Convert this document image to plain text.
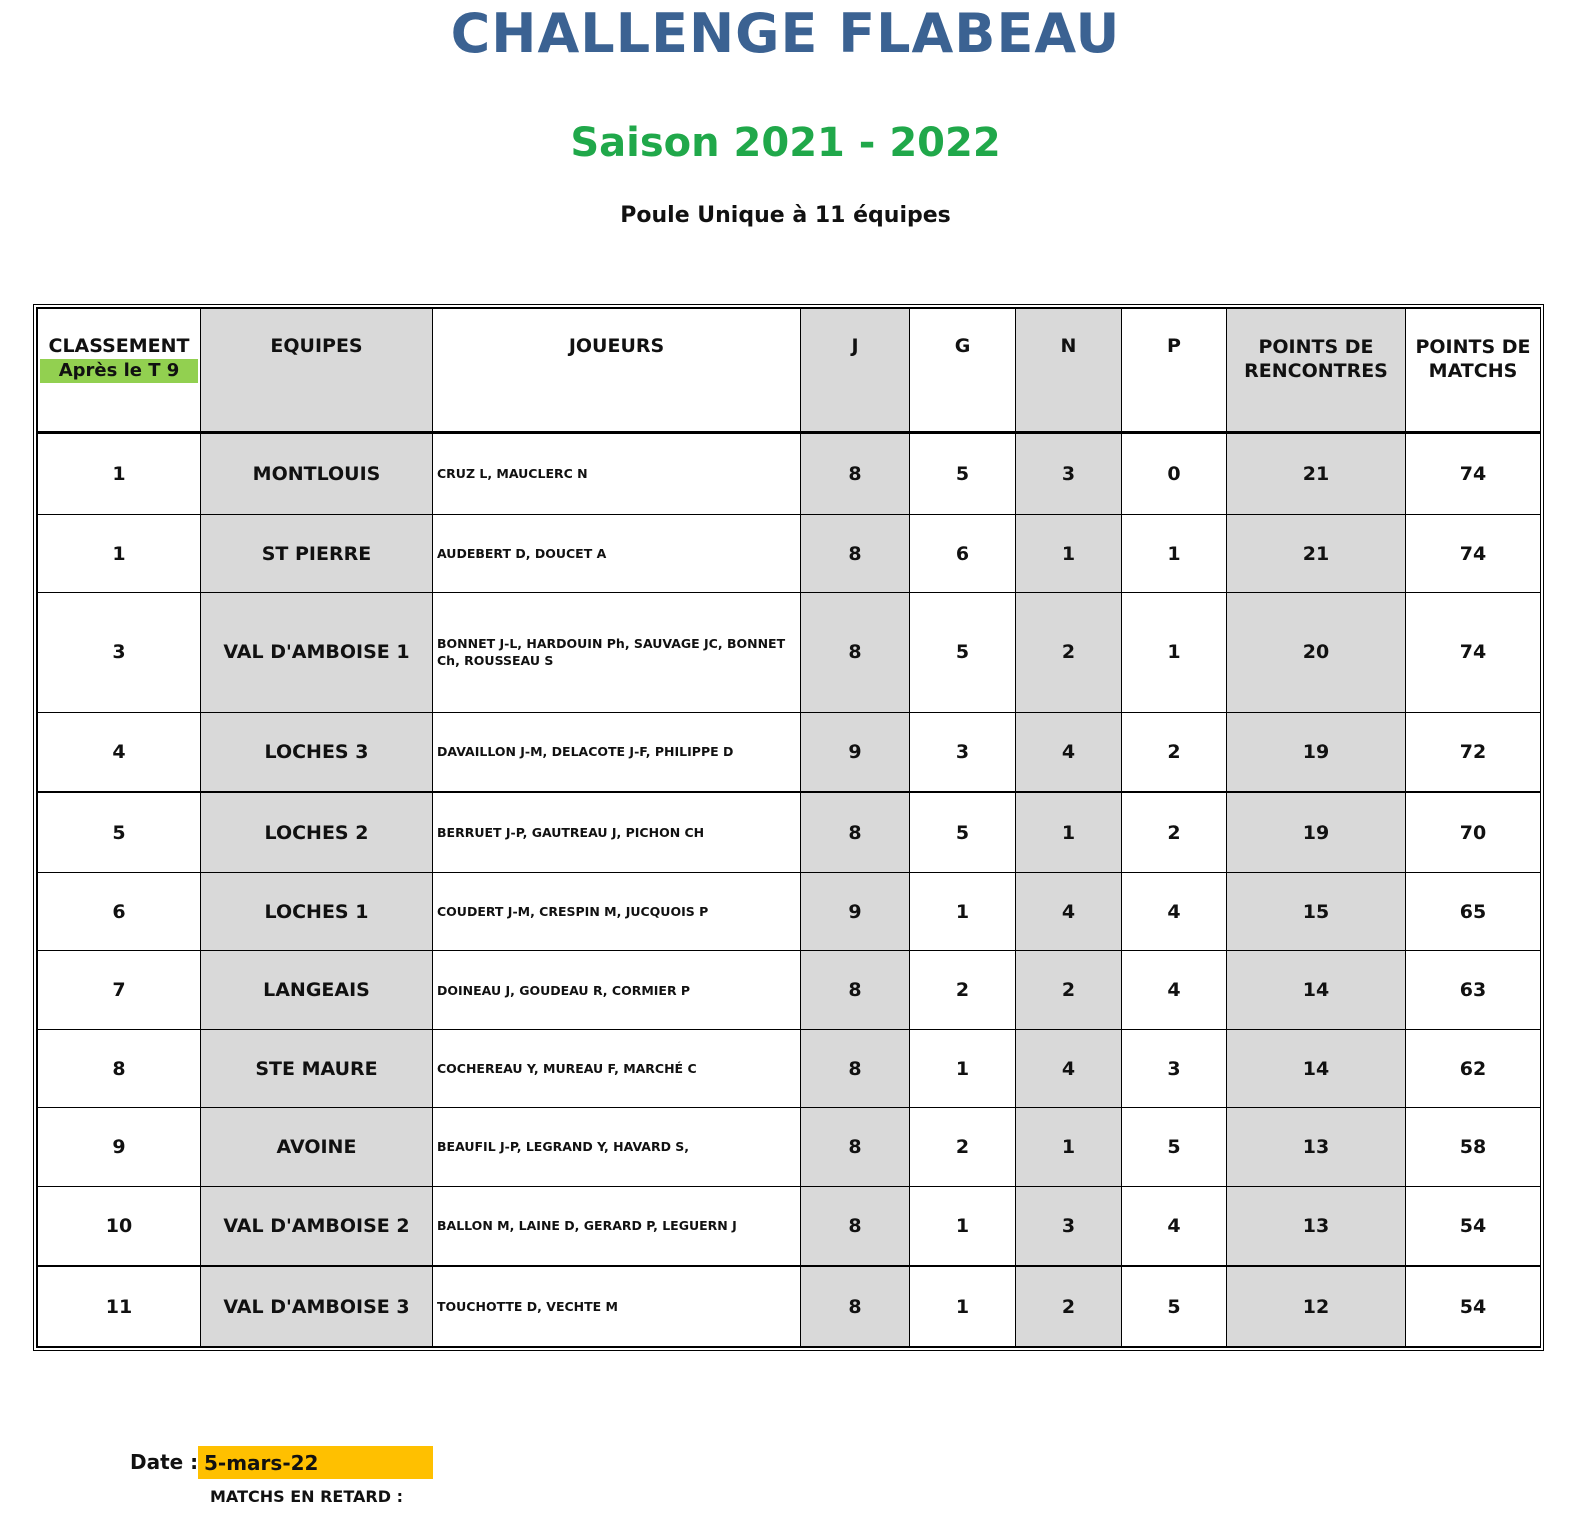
CHALLENGE FLABEAU
Saison 2021 - 2022
Poule Unique à 11 équipes
CLASSEMENT
Après le T 9	EQUIPES	JOUEURS	J	G	N	P	POINTS DE RENCONTRES	POINTS DE MATCHS
1	MONTLOUIS	CRUZ L, MAUCLERC N	8	5	3	0	21	74
1	ST PIERRE	AUDEBERT D, DOUCET A	8	6	1	1	21	74
3	VAL D'AMBOISE 1	BONNET J-L, HARDOUIN Ph, SAUVAGE JC, BONNET Ch, ROUSSEAU S	8	5	2	1	20	74
4	LOCHES 3	DAVAILLON J-M, DELACOTE J-F, PHILIPPE D	9	3	4	2	19	72
5	LOCHES 2	BERRUET J-P, GAUTREAU J, PICHON CH	8	5	1	2	19	70
6	LOCHES 1	COUDERT J-M, CRESPIN M, JUCQUOIS P	9	1	4	4	15	65
7	LANGEAIS	DOINEAU J, GOUDEAU R, CORMIER P	8	2	2	4	14	63
8	STE MAURE	COCHEREAU Y, MUREAU F, MARCHÉ C	8	1	4	3	14	62
9	AVOINE	BEAUFIL J-P, LEGRAND Y, HAVARD S,	8	2	1	5	13	58
10	VAL D'AMBOISE 2	BALLON M, LAINE D, GERARD P, LEGUERN J	8	1	3	4	13	54
11	VAL D'AMBOISE 3	TOUCHOTTE D, VECHTE M	8	1	2	5	12	54
Date : 5-mars-22
MATCHS EN RETARD :
